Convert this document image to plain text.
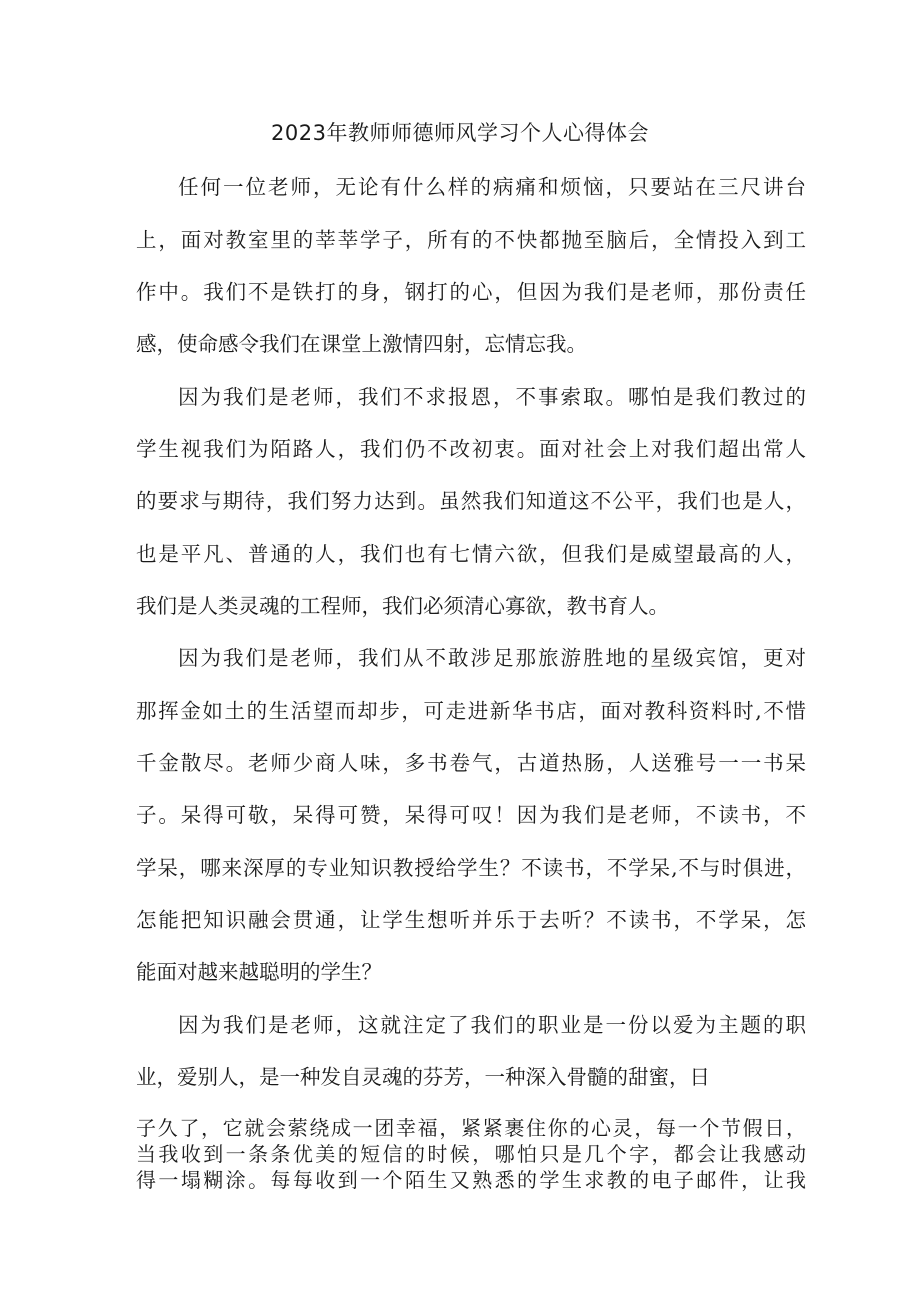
2023年教师师德师风学习个人心得体会
任何一位老师，无论有什么样的病痛和烦恼，只要站在三尺讲台
上，面对教室里的莘莘学子，所有的不快都抛至脑后，全情投入到工
作中。我们不是铁打的身，钢打的心，但因为我们是老师，那份责任
感，使命感令我们在课堂上激情四射，忘情忘我。
因为我们是老师，我们不求报恩，不事索取。哪怕是我们教过的
学生视我们为陌路人，我们仍不改初衷。面对社会上对我们超出常人
的要求与期待，我们努力达到。虽然我们知道这不公平，我们也是人，
也是平凡、普通的人，我们也有七情六欲，但我们是威望最高的人，
我们是人类灵魂的工程师，我们必须清心寡欲，教书育人。
因为我们是老师，我们从不敢涉足那旅游胜地的星级宾馆，更对
那挥金如土的生活望而却步，可走进新华书店，面对教科资料时,不惜
千金散尽。老师少商人味，多书卷气，古道热肠，人送雅号一一书呆
子。呆得可敬，呆得可赞，呆得可叹！因为我们是老师，不读书，不
学呆，哪来深厚的专业知识教授给学生？不读书，不学呆,不与时俱进，
怎能把知识融会贯通，让学生想听并乐于去听？不读书，不学呆，怎
能面对越来越聪明的学生？
因为我们是老师，这就注定了我们的职业是一份以爱为主题的职
业，爱别人，是一种发自灵魂的芬芳，一种深入骨髓的甜蜜，日
子久了，它就会萦绕成一团幸福，紧紧裹住你的心灵，每一个节假日，
当我收到一条条优美的短信的时候，哪怕只是几个字，都会让我感动
得一塌糊涂。每每收到一个陌生又熟悉的学生求教的电子邮件，让我
